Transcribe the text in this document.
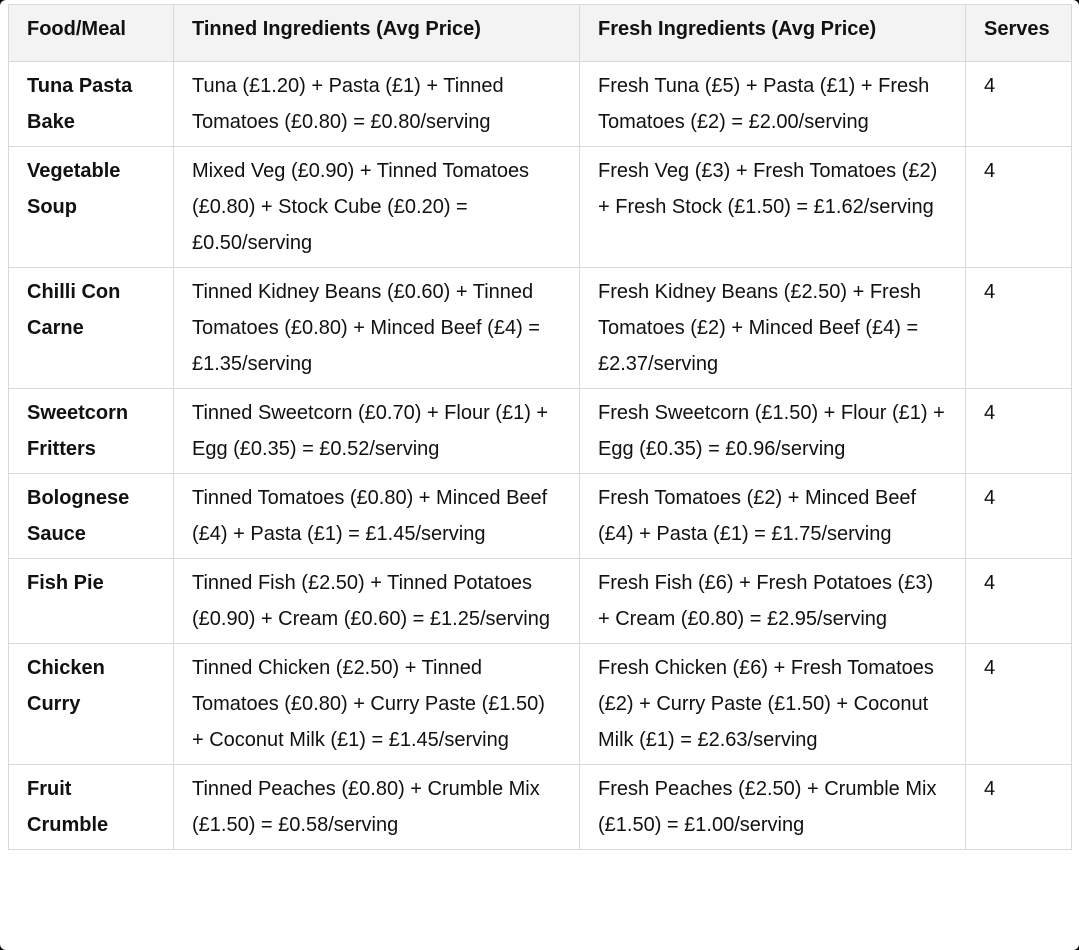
Food/Meal	Tinned Ingredients (Avg Price)	Fresh Ingredients (Avg Price)	Serves
Tuna Pasta Bake	Tuna (£1.20) + Pasta (£1) + Tinned Tomatoes (£0.80) = £0.80/serving	Fresh Tuna (£5) + Pasta (£1) + Fresh Tomatoes (£2) = £2.00/serving	4
Vegetable Soup	Mixed Veg (£0.90) + Tinned Tomatoes (£0.80) + Stock Cube (£0.20) = £0.50/serving	Fresh Veg (£3) + Fresh Tomatoes (£2) + Fresh Stock (£1.50) = £1.62/serving	4
Chilli Con Carne	Tinned Kidney Beans (£0.60) + Tinned Tomatoes (£0.80) + Minced Beef (£4) = £1.35/serving	Fresh Kidney Beans (£2.50) + Fresh Tomatoes (£2) + Minced Beef (£4) = £2.37/serving	4
Sweetcorn Fritters	Tinned Sweetcorn (£0.70) + Flour (£1) + Egg (£0.35) = £0.52/serving	Fresh Sweetcorn (£1.50) + Flour (£1) + Egg (£0.35) = £0.96/serving	4
Bolognese Sauce	Tinned Tomatoes (£0.80) + Minced Beef (£4) + Pasta (£1) = £1.45/serving	Fresh Tomatoes (£2) + Minced Beef (£4) + Pasta (£1) = £1.75/serving	4
Fish Pie	Tinned Fish (£2.50) + Tinned Potatoes (£0.90) + Cream (£0.60) = £1.25/serving	Fresh Fish (£6) + Fresh Potatoes (£3) + Cream (£0.80) = £2.95/serving	4
Chicken Curry	Tinned Chicken (£2.50) + Tinned Tomatoes (£0.80) + Curry Paste (£1.50) + Coconut Milk (£1) = £1.45/serving	Fresh Chicken (£6) + Fresh Tomatoes (£2) + Curry Paste (£1.50) + Coconut Milk (£1) = £2.63/serving	4
Fruit Crumble	Tinned Peaches (£0.80) + Crumble Mix (£1.50) = £0.58/serving	Fresh Peaches (£2.50) + Crumble Mix (£1.50) = £1.00/serving	4
